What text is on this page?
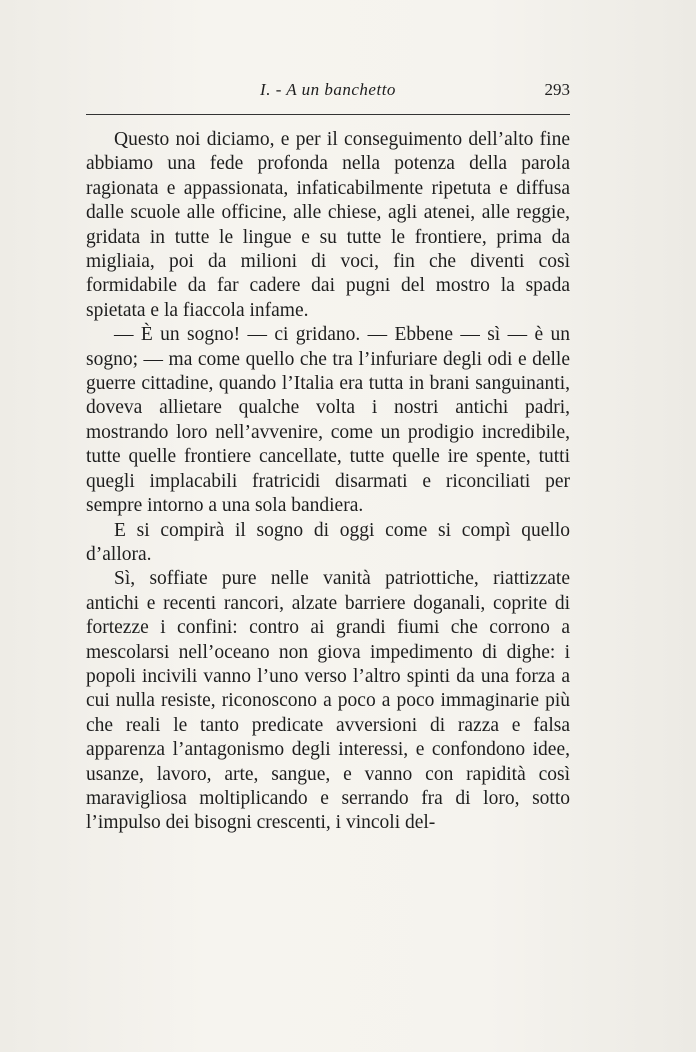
I. - A un banchetto	293

Questo noi diciamo, e per il conseguimento dell’alto fine abbiamo una fede profonda nella potenza della parola ragionata e appassionata, infaticabilmente ripetuta e diffusa dalle scuole alle officine, alle chiese, agli atenei, alle reggie, gridata in tutte le lingue e su tutte le frontiere, prima da migliaia, poi da milioni di voci, fin che diventi così formidabile da far cadere dai pugni del mostro la spada spietata e la fiaccola infame.

— È un sogno! — ci gridano. — Ebbene — sì — è un sogno; — ma come quello che tra l’infuriare degli odi e delle guerre cittadine, quando l’Italia era tutta in brani sanguinanti, doveva allietare qualche volta i nostri antichi padri, mostrando loro nell’avvenire, come un prodigio incredibile, tutte quelle frontiere cancellate, tutte quelle ire spente, tutti quegli implacabili fratricidi disarmati e riconciliati per sempre intorno a una sola bandiera.

E si compirà il sogno di oggi come si compì quello d’allora.

Sì, soffiate pure nelle vanità patriottiche, riattizzate antichi e recenti rancori, alzate barriere doganali, coprite di fortezze i confini: contro ai grandi fiumi che corrono a mescolarsi nell’oceano non giova impedimento di dighe: i popoli incivili vanno l’uno verso l’altro spinti da una forza a cui nulla resiste, riconoscono a poco a poco immaginarie più che reali le tanto predicate avversioni di razza e falsa apparenza l’antagonismo degli interessi, e confondono idee, usanze, lavoro, arte, sangue, e vanno con rapidità così maravigliosa moltiplicando e serrando fra di loro, sotto l’impulso dei bisogni crescenti, i vincoli del-
